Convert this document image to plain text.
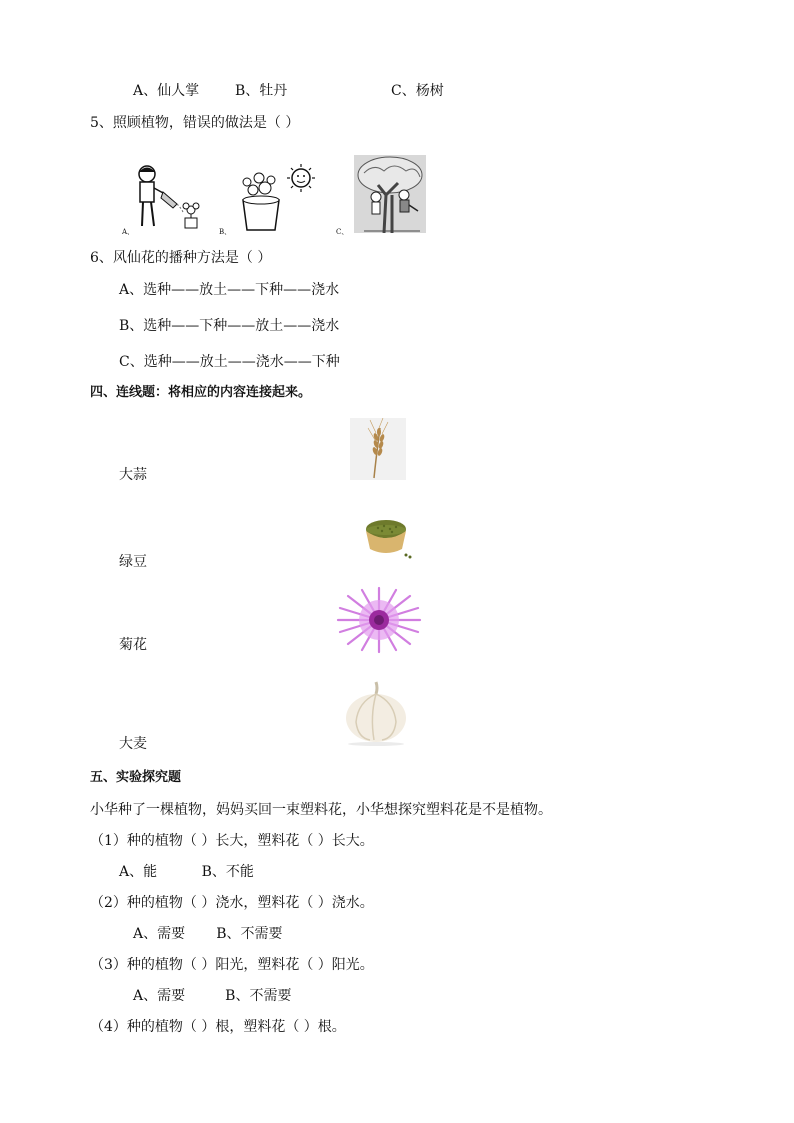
A、仙人掌	B、牡丹	C、杨树
5、照顾植物，错误的做法是（ ）
A、	B、	C、
6、风仙花的播种方法是（ ）
A、选种——放土——下种——浇水
B、选种——下种——放土——浇水
C、选种——放土——浇水——下种
四、连线题：将相应的内容连接起来。
大蒜
绿豆
菊花
大麦
五、实验探究题
小华种了一棵植物，妈妈买回一束塑料花，小华想探究塑料花是不是植物。
（1）种的植物（ ）长大，塑料花（ ）长大。
A、能          B、不能
（2）种的植物（ ）浇水，塑料花（ ）浇水。
A、需要       B、不需要
（3）种的植物（ ）阳光，塑料花（ ）阳光。
A、需要         B、不需要
（4）种的植物（ ）根，塑料花（ ）根。
